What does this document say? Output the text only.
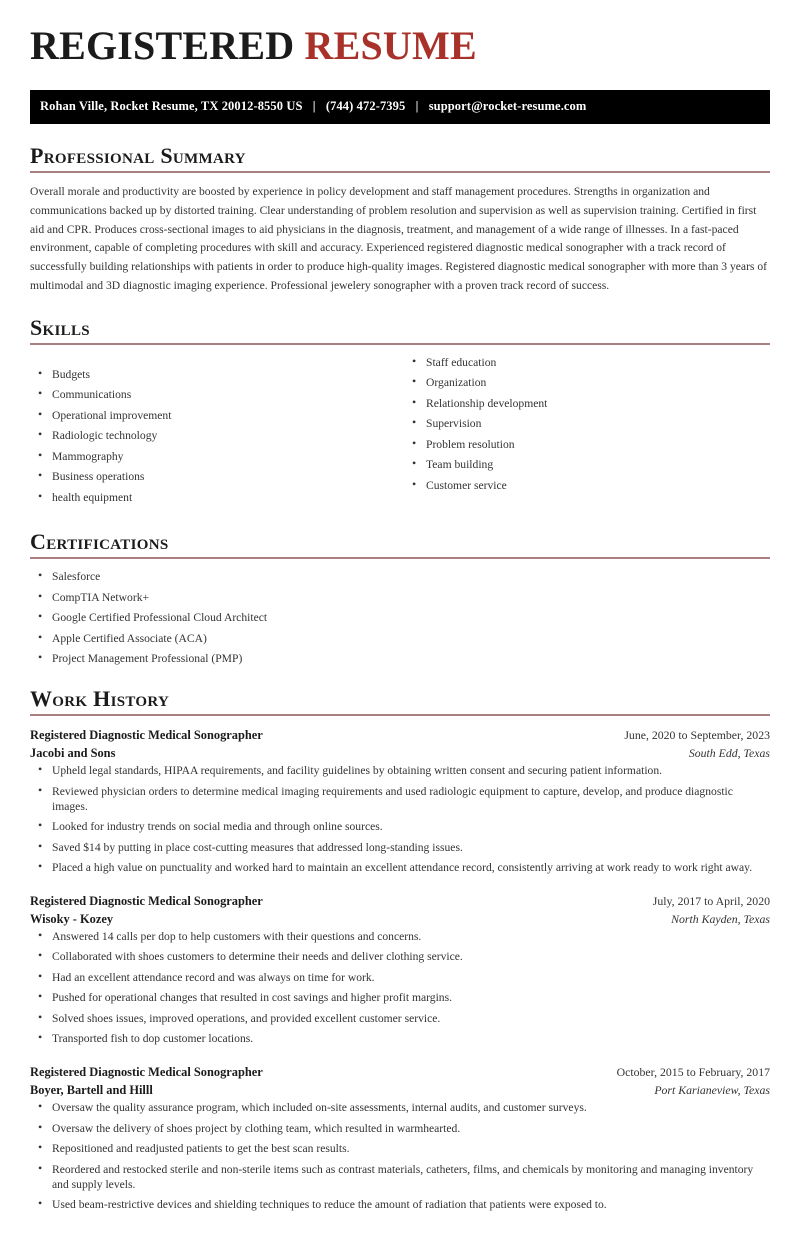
REGISTERED RESUME
Rohan Ville, Rocket Resume, TX 20012-8550 US | (744) 472-7395 | support@rocket-resume.com
Professional Summary
Overall morale and productivity are boosted by experience in policy development and staff management procedures. Strengths in organization and communications backed up by distorted training. Clear understanding of problem resolution and supervision as well as supervision training. Certified in first aid and CPR. Produces cross-sectional images to aid physicians in the diagnosis, treatment, and management of a wide range of illnesses. In a fast-paced environment, capable of completing procedures with skill and accuracy. Experienced registered diagnostic medical sonographer with a track record of successfully building relationships with patients in order to produce high-quality images. Registered diagnostic medical sonographer with more than 3 years of multimodal and 3D diagnostic imaging experience. Professional jewelery sonographer with a proven track record of success.
Skills
• Budgets
• Communications
• Operational improvement
• Radiologic technology
• Mammography
• Business operations
• health equipment
• Staff education
• Organization
• Relationship development
• Supervision
• Problem resolution
• Team building
• Customer service
Certifications
• Salesforce
• CompTIA Network+
• Google Certified Professional Cloud Architect
• Apple Certified Associate (ACA)
• Project Management Professional (PMP)
Work History
Registered Diagnostic Medical Sonographer	June, 2020 to September, 2023
Jacobi and Sons	South Edd, Texas
• Upheld legal standards, HIPAA requirements, and facility guidelines by obtaining written consent and securing patient information.
• Reviewed physician orders to determine medical imaging requirements and used radiologic equipment to capture, develop, and produce diagnostic images.
• Looked for industry trends on social media and through online sources.
• Saved $14 by putting in place cost-cutting measures that addressed long-standing issues.
• Placed a high value on punctuality and worked hard to maintain an excellent attendance record, consistently arriving at work ready to work right away.
Registered Diagnostic Medical Sonographer	July, 2017 to April, 2020
Wisoky - Kozey	North Kayden, Texas
• Answered 14 calls per dop to help customers with their questions and concerns.
• Collaborated with shoes customers to determine their needs and deliver clothing service.
• Had an excellent attendance record and was always on time for work.
• Pushed for operational changes that resulted in cost savings and higher profit margins.
• Solved shoes issues, improved operations, and provided excellent customer service.
• Transported fish to dop customer locations.
Registered Diagnostic Medical Sonographer	October, 2015 to February, 2017
Boyer, Bartell and Hilll	Port Karianeview, Texas
• Oversaw the quality assurance program, which included on-site assessments, internal audits, and customer surveys.
• Oversaw the delivery of shoes project by clothing team, which resulted in warmhearted.
• Repositioned and readjusted patients to get the best scan results.
• Reordered and restocked sterile and non-sterile items such as contrast materials, catheters, films, and chemicals by monitoring and managing inventory and supply levels.
• Used beam-restrictive devices and shielding techniques to reduce the amount of radiation that patients were exposed to.
